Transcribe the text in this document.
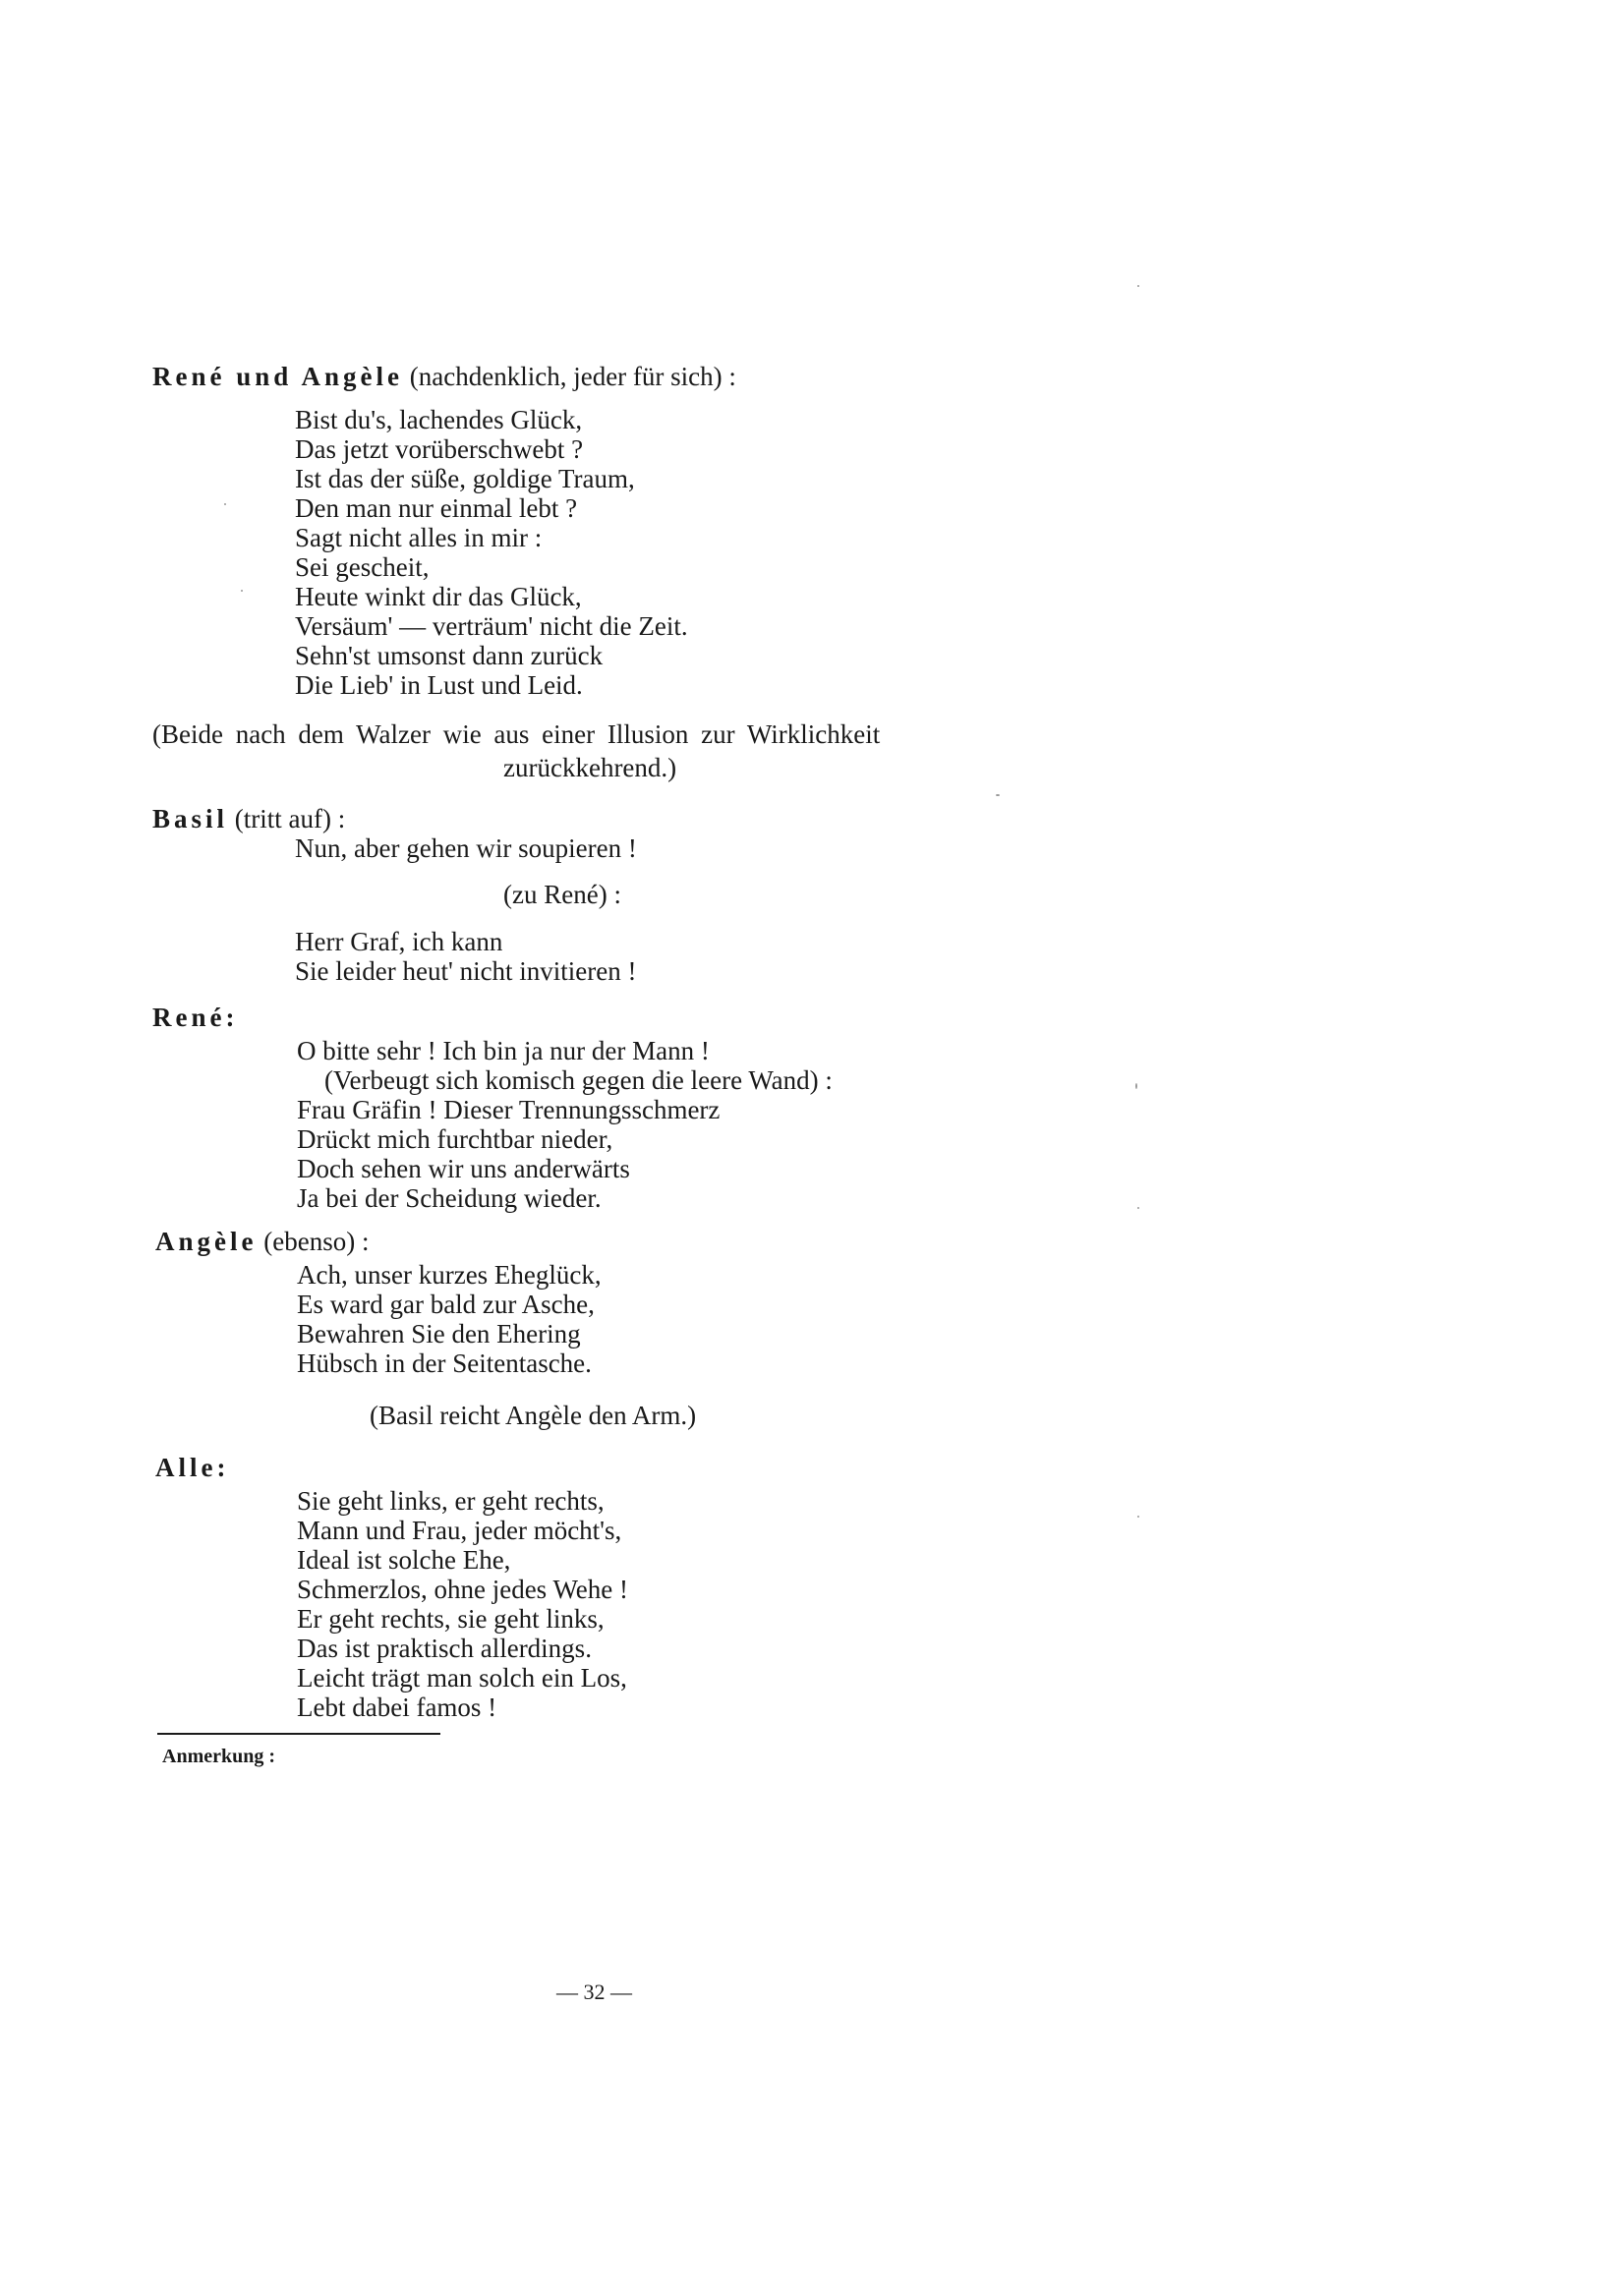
René und Angèle (nachdenklich, jeder für sich) :
Bist du's, lachendes Glück,
Das jetzt vorüberschwebt ?
Ist das der süße, goldige Traum,
Den man nur einmal lebt ?
Sagt nicht alles in mir :
Sei gescheit,
Heute winkt dir das Glück,
Versäum' — verträum' nicht die Zeit.
Sehn'st umsonst dann zurück
Die Lieb' in Lust und Leid.
(Beide nach dem Walzer wie aus einer Illusion zur Wirklichkeit
zurückkehrend.)
Basil (tritt auf) :
Nun, aber gehen wir soupieren !
(zu René) :
Herr Graf, ich kann
Sie leider heut' nicht invitieren !
René:
O bitte sehr ! Ich bin ja nur der Mann !
(Verbeugt sich komisch gegen die leere Wand) :
Frau Gräfin ! Dieser Trennungsschmerz
Drückt mich furchtbar nieder,
Doch sehen wir uns anderwärts
Ja bei der Scheidung wieder.
Angèle (ebenso) :
Ach, unser kurzes Eheglück,
Es ward gar bald zur Asche,
Bewahren Sie den Ehering
Hübsch in der Seitentasche.
(Basil reicht Angèle den Arm.)
Alle:
Sie geht links, er geht rechts,
Mann und Frau, jeder möcht's,
Ideal ist solche Ehe,
Schmerzlos, ohne jedes Wehe !
Er geht rechts, sie geht links,
Das ist praktisch allerdings.
Leicht trägt man solch ein Los,
Lebt dabei famos !
Anmerkung :
— 32 —
